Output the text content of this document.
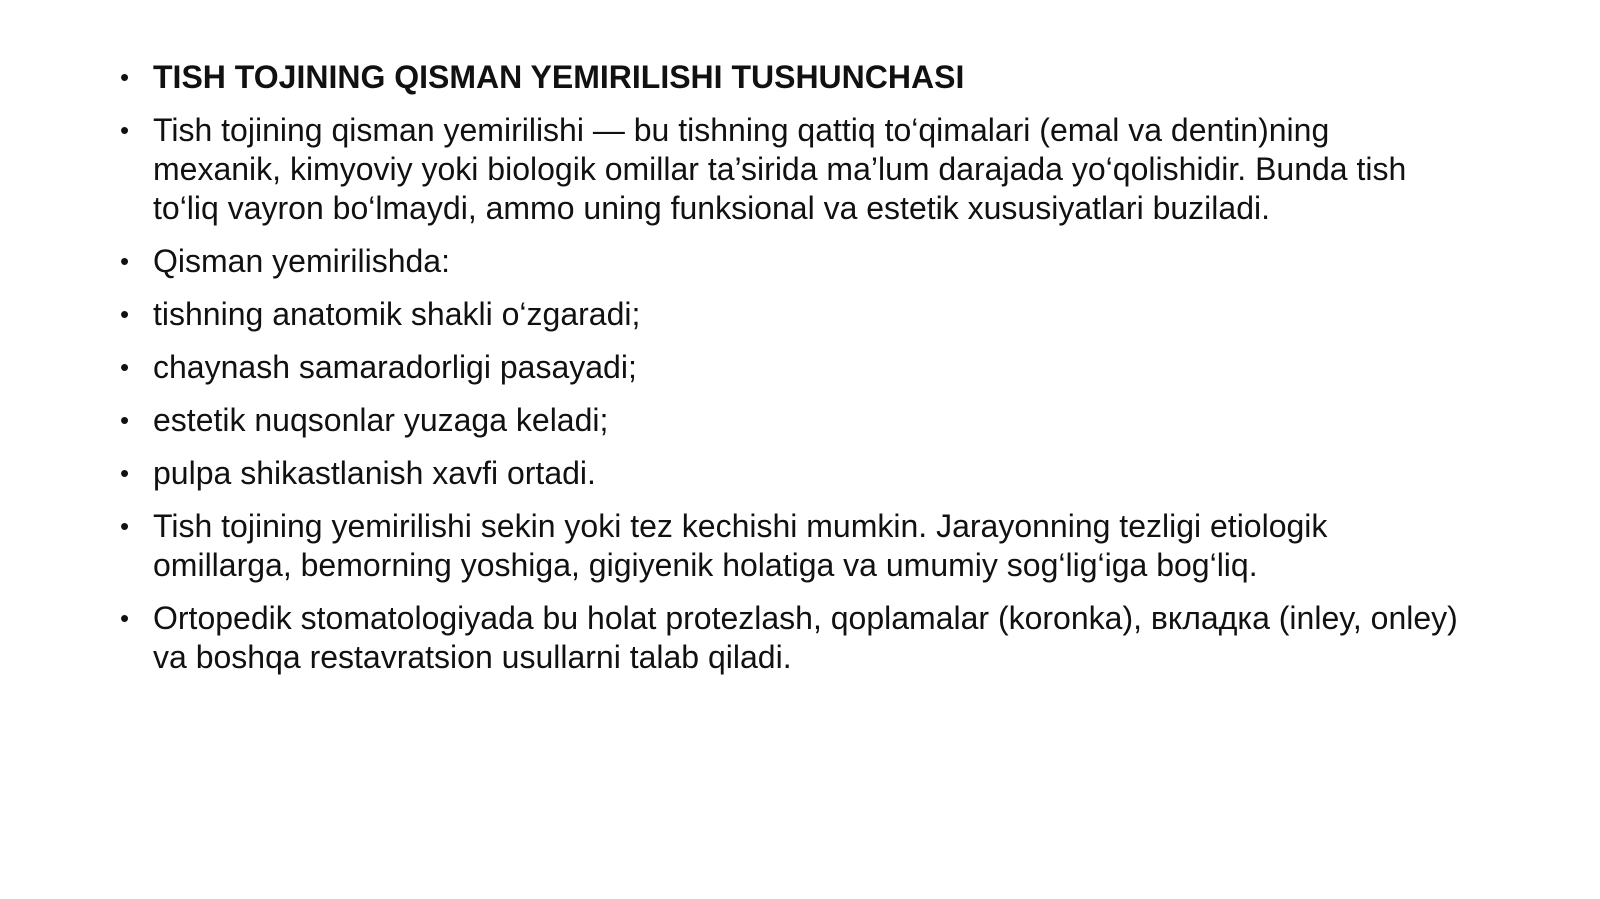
• TISH TOJINING QISMAN YEMIRILISHI TUSHUNCHASI
• Tish tojining qisman yemirilishi — bu tishning qattiq to‘qimalari (emal va dentin)ning mexanik, kimyoviy yoki biologik omillar ta’sirida ma’lum darajada yo‘qolishidir. Bunda tish to‘liq vayron bo‘lmaydi, ammo uning funksional va estetik xususiyatlari buziladi.
• Qisman yemirilishda:
• tishning anatomik shakli o‘zgaradi;
• chaynash samaradorligi pasayadi;
• estetik nuqsonlar yuzaga keladi;
• pulpa shikastlanish xavfi ortadi.
• Tish tojining yemirilishi sekin yoki tez kechishi mumkin. Jarayonning tezligi etiologik omillarga, bemorning yoshiga, gigiyenik holatiga va umumiy sog‘lig‘iga bog‘liq.
• Ortopedik stomatologiyada bu holat protezlash, qoplamalar (koronka), вкладка (inley, onley) va boshqa restavratsion usullarni talab qiladi.
